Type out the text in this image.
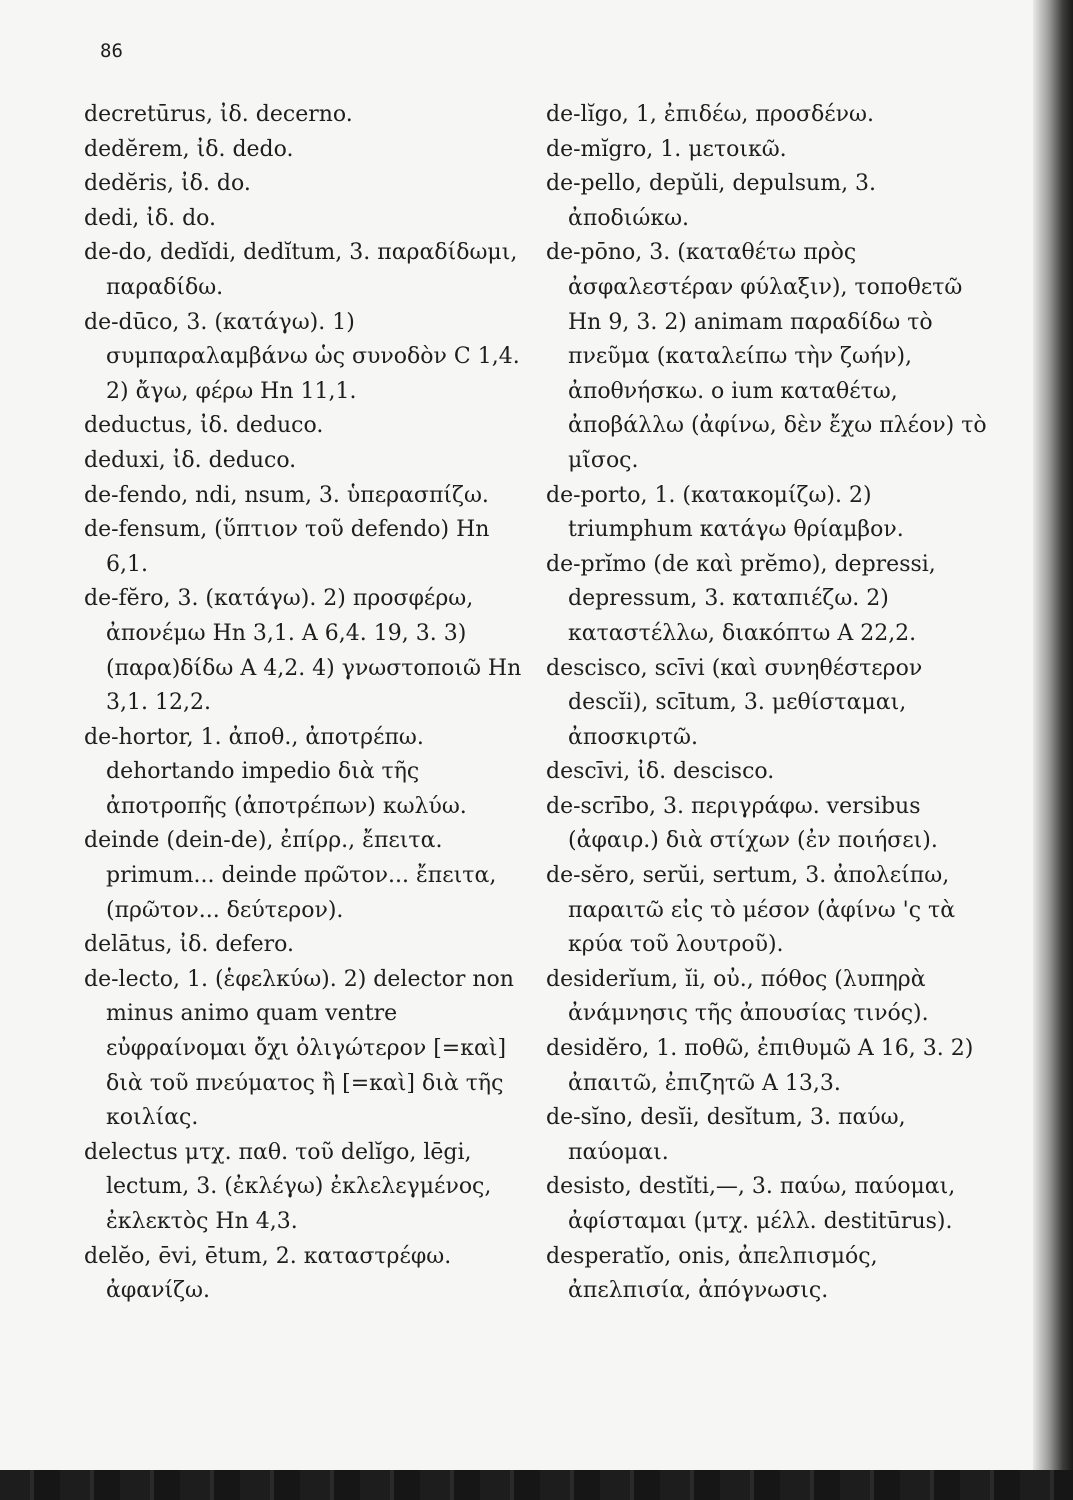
86

decretūrus, ἰδ. decerno.

dedĕrem, ἰδ. dedo.

dedĕris, ἰδ. do.

dedi, ἰδ. do.

de-do, dedĭdi, dedĭtum, 3. παραδίδωμι, παραδίδω.

de-dūco, 3. (κατάγω). 1) συμπαραλαμβάνω ὡς συνοδὸν C 1,4. 2) ἄγω, φέρω Hn 11,1.

deductus, ἰδ. deduco.

deduxi, ἰδ. deduco.

de-fendo, ndi, nsum, 3. ὑπερασπίζω.

de-fensum, (ὕπτιον τοῦ defendo) Hn 6,1.

de-fĕro, 3. (κατάγω). 2) προσφέρω, ἀπονέμω Hn 3,1. A 6,4. 19, 3. 3) (παρα)δίδω A 4,2. 4) γνωστοποιῶ Hn 3,1. 12,2.

de-hortor, 1. ἀποθ., ἀποτρέπω. dehortando impedio διὰ τῆς ἀποτροπῆς (ἀποτρέπων) κωλύω.

deinde (dein-de), ἐπίρρ., ἔπειτα. primum... deinde πρῶτον... ἔπειτα, (πρῶτον... δεύτερον).

delātus, ἰδ. defero.

de-lecto, 1. (ἑφελκύω). 2) delector non minus animo quam ventre εὐφραίνομαι ὄχι ὀλιγώτερον [=καὶ] διὰ τοῦ πνεύματος ἢ [=καὶ] διὰ τῆς κοιλίας.

delectus μτχ. παθ. τοῦ delĭgo, lēgi, lectum, 3. (ἐκλέγω) ἐκλελεγμένος, ἐκλεκτὸς Hn 4,3.

delĕo, ēvi, ētum, 2. καταστρέφω. ἀφανίζω.

de-lĭgo, 1, ἐπιδέω, προσδένω.

de-mĭgro, 1. μετοικῶ.

de-pello, depŭli, depulsum, 3. ἀποδιώκω.

de-pōno, 3. (καταθέτω πρὸς ἀσφαλεστέραν φύλαξιν), τοποθετῶ Hn 9, 3. 2) animam παραδίδω τὸ πνεῦμα (καταλείπω τὴν ζωήν), ἀποθνήσκω. o ium καταθέτω, ἀποβάλλω (ἀφίνω, δὲν ἔχω πλέον) τὸ μῖσος.

de-porto, 1. (κατακομίζω). 2) triumphum κατάγω θρίαμβον.

de-prĭmo (de καὶ prĕmo), depressi, depressum, 3. καταπιέζω. 2) καταστέλλω, διακόπτω A 22,2.

descisco, scīvi (καὶ συνηθέστερον descĭi), scītum, 3. μεθίσταμαι, ἀποσκιρτῶ.

descīvi, ἰδ. descisco.

de-scrībo, 3. περιγράφω. versibus (ἀφαιρ.) διὰ στίχων (ἐν ποιήσει).

de-sĕro, serŭi, sertum, 3. ἀπολείπω, παραιτῶ εἰς τὸ μέσον (ἀφίνω 'ς τὰ κρύα τοῦ λουτροῦ).

desiderĭum, ĭi, οὐ., πόθος (λυπηρὰ ἀνάμνησις τῆς ἀπουσίας τινός).

desidĕro, 1. ποθῶ, ἐπιθυμῶ A 16, 3. 2) ἀπαιτῶ, ἐπιζητῶ A 13,3.

de-sĭno, desĭi, desĭtum, 3. παύω, παύομαι.

desisto, destĭti,—, 3. παύω, παύομαι, ἀφίσταμαι (μτχ. μέλλ. destitūrus).

desperatĭo, onis, ἀπελπισμός, ἀπελπισία, ἀπόγνωσις.
